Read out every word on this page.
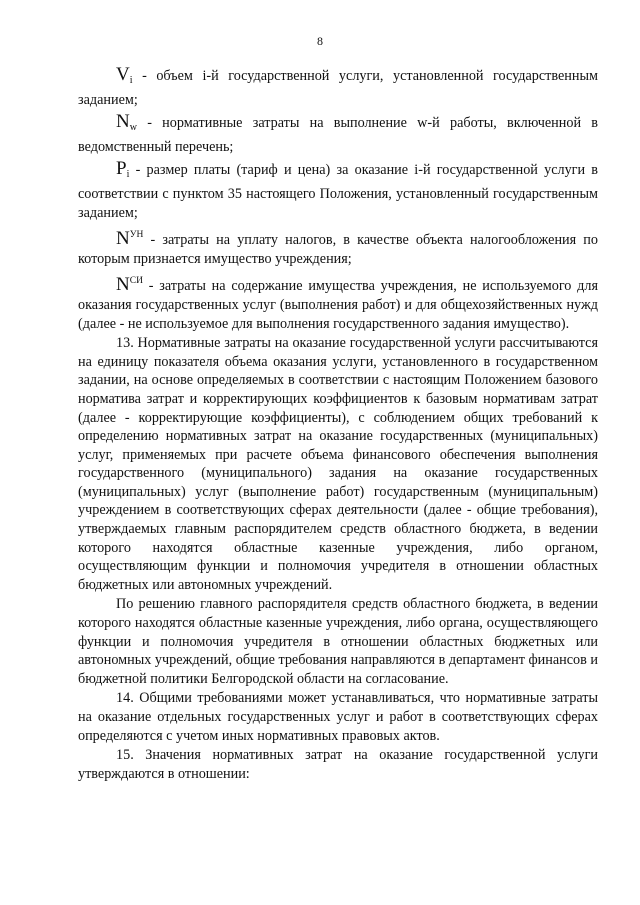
8

$V_i$ - объем i-й государственной услуги, установленной государственным заданием;

$N_w$ - нормативные затраты на выполнение w-й работы, включенной в ведомственный перечень;

$P_i$ - размер платы (тариф и цена) за оказание i-й государственной услуги в соответствии с пунктом 35 настоящего Положения, установленный государственным заданием;

$N^{УН}$ - затраты на уплату налогов, в качестве объекта налогообложения по которым признается имущество учреждения;

$N^{СИ}$ - затраты на содержание имущества учреждения, не используемого для оказания государственных услуг (выполнения работ) и для общехозяйственных нужд (далее - не используемое для выполнения государственного задания имущество).

13. Нормативные затраты на оказание государственной услуги рассчитываются на единицу показателя объема оказания услуги, установленного в государственном задании, на основе определяемых в соответствии с настоящим Положением базового норматива затрат и корректирующих коэффициентов к базовым нормативам затрат (далее - корректирующие коэффициенты), с соблюдением общих требований к определению нормативных затрат на оказание государственных (муниципальных) услуг, применяемых при расчете объема финансового обеспечения выполнения государственного (муниципального) задания на оказание государственных (муниципальных) услуг (выполнение работ) государственным (муниципальным) учреждением в соответствующих сферах деятельности (далее - общие требования), утверждаемых главным распорядителем средств областного бюджета, в ведении которого находятся областные казенные учреждения, либо органом, осуществляющим функции и полномочия учредителя в отношении областных бюджетных или автономных учреждений.

По решению главного распорядителя средств областного бюджета, в ведении которого находятся областные казенные учреждения, либо органа, осуществляющего функции и полномочия учредителя в отношении областных бюджетных или автономных учреждений, общие требования направляются в департамент финансов и бюджетной политики Белгородской области на согласование.

14. Общими требованиями может устанавливаться, что нормативные затраты на оказание отдельных государственных услуг и работ в соответствующих сферах определяются с учетом иных нормативных правовых актов.

15. Значения нормативных затрат на оказание государственной услуги утверждаются в отношении:
